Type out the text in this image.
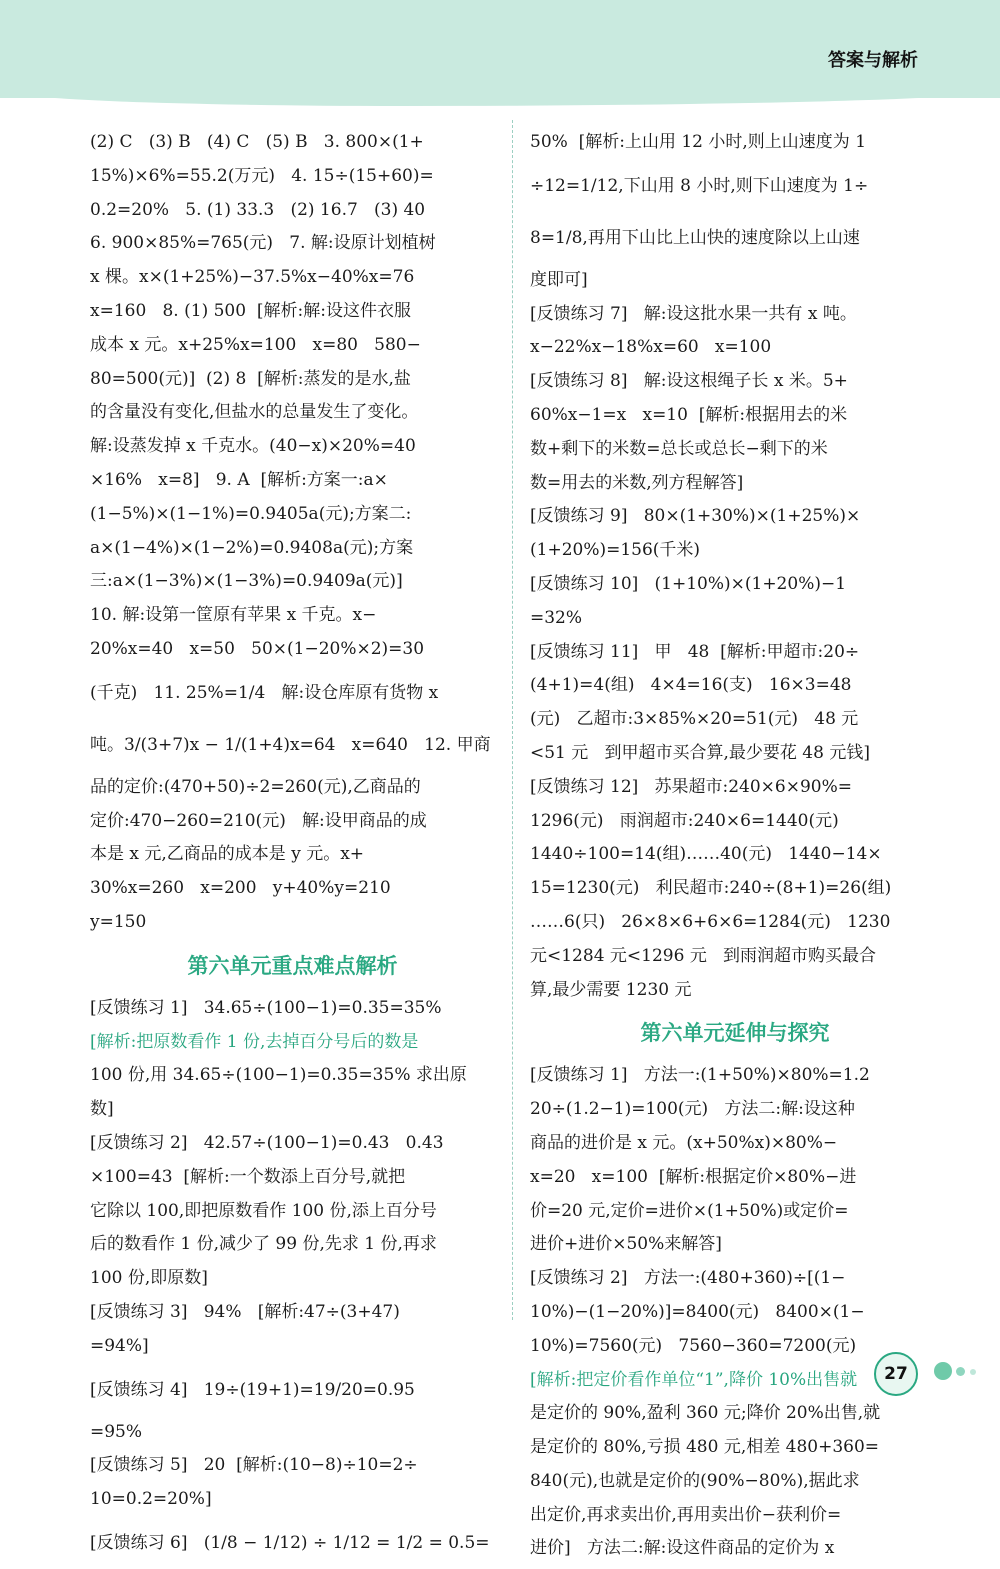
答案与解析
(2) C   (3) B   (4) C   (5) B   3. 800×(1+
15%)×6%=55.2(万元)   4. 15÷(15+60)=
0.2=20%   5. (1) 33.3   (2) 16.7   (3) 40
6. 900×85%=765(元)   7. 解:设原计划植树
x 棵。x×(1+25%)−37.5%x−40%x=76
x=160   8. (1) 500  [解析:解:设这件衣服
成本 x 元。x+25%x=100   x=80   580−
80=500(元)]  (2) 8  [解析:蒸发的是水,盐
的含量没有变化,但盐水的总量发生了变化。
解:设蒸发掉 x 千克水。(40−x)×20%=40
×16%   x=8]   9. A  [解析:方案一:a×
(1−5%)×(1−1%)=0.9405a(元);方案二:
a×(1−4%)×(1−2%)=0.9408a(元);方案
三:a×(1−3%)×(1−3%)=0.9409a(元)]
10. 解:设第一筐原有苹果 x 千克。x−
20%x=40   x=50   50×(1−20%×2)=30
(千克)   11. 25%=1/4   解:设仓库原有货物 x
吨。3/(3+7)x − 1/(1+4)x=64   x=640   12. 甲商
品的定价:(470+50)÷2=260(元),乙商品的
定价:470−260=210(元)   解:设甲商品的成
本是 x 元,乙商品的成本是 y 元。x+
30%x=260   x=200   y+40%y=210
y=150
第六单元重点难点解析
[反馈练习 1]   34.65÷(100−1)=0.35=35%
[解析:把原数看作 1 份,去掉百分号后的数是
100 份,用 34.65÷(100−1)=0.35=35% 求出原
数]
[反馈练习 2]   42.57÷(100−1)=0.43   0.43
×100=43  [解析:一个数添上百分号,就把
它除以 100,即把原数看作 100 份,添上百分号
后的数看作 1 份,减少了 99 份,先求 1 份,再求
100 份,即原数]
[反馈练习 3]   94%   [解析:47÷(3+47)
=94%]
[反馈练习 4]   19÷(19+1)=19/20=0.95
=95%
[反馈练习 5]   20  [解析:(10−8)÷10=2÷
10=0.2=20%]
[反馈练习 6]   (1/8 − 1/12) ÷ 1/12 = 1/2 = 0.5=
50%  [解析:上山用 12 小时,则上山速度为 1
÷12=1/12,下山用 8 小时,则下山速度为 1÷
8=1/8,再用下山比上山快的速度除以上山速
度即可]
[反馈练习 7]   解:设这批水果一共有 x 吨。
x−22%x−18%x=60   x=100
[反馈练习 8]   解:设这根绳子长 x 米。5+
60%x−1=x   x=10  [解析:根据用去的米
数+剩下的米数=总长或总长−剩下的米
数=用去的米数,列方程解答]
[反馈练习 9]   80×(1+30%)×(1+25%)×
(1+20%)=156(千米)
[反馈练习 10]   (1+10%)×(1+20%)−1
=32%
[反馈练习 11]   甲   48  [解析:甲超市:20÷
(4+1)=4(组)   4×4=16(支)   16×3=48
(元)   乙超市:3×85%×20=51(元)   48 元
<51 元   到甲超市买合算,最少要花 48 元钱]
[反馈练习 12]   苏果超市:240×6×90%=
1296(元)   雨润超市:240×6=1440(元)
1440÷100=14(组)……40(元)   1440−14×
15=1230(元)   利民超市:240÷(8+1)=26(组)
……6(只)   26×8×6+6×6=1284(元)   1230
元<1284 元<1296 元   到雨润超市购买最合
算,最少需要 1230 元
第六单元延伸与探究
[反馈练习 1]   方法一:(1+50%)×80%=1.2
20÷(1.2−1)=100(元)   方法二:解:设这种
商品的进价是 x 元。(x+50%x)×80%−
x=20   x=100  [解析:根据定价×80%−进
价=20 元,定价=进价×(1+50%)或定价=
进价+进价×50%来解答]
[反馈练习 2]   方法一:(480+360)÷[(1−
10%)−(1−20%)]=8400(元)   8400×(1−
10%)=7560(元)   7560−360=7200(元)
[解析:把定价看作单位“1”,降价 10%出售就
是定价的 90%,盈利 360 元;降价 20%出售,就
是定价的 80%,亏损 480 元,相差 480+360=
840(元),也就是定价的(90%−80%),据此求
出定价,再求卖出价,再用卖出价−获利价=
进价]   方法二:解:设这件商品的定价为 x
27
